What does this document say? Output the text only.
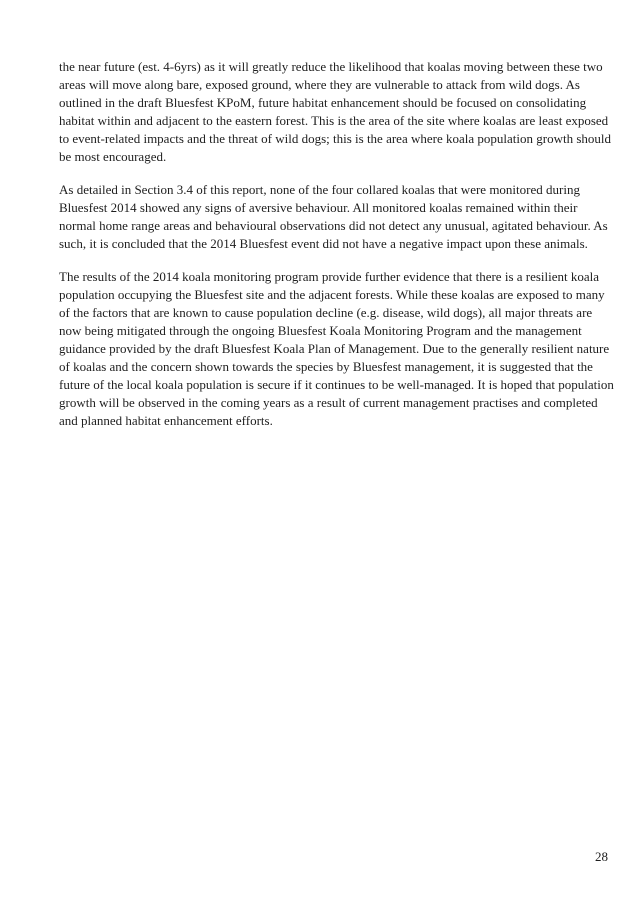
the near future (est. 4-6yrs) as it will greatly reduce the likelihood that koalas moving between these two areas will move along bare, exposed ground, where they are vulnerable to attack from wild dogs. As outlined in the draft Bluesfest KPoM, future habitat enhancement should be focused on consolidating habitat within and adjacent to the eastern forest. This is the area of the site where koalas are least exposed to event-related impacts and the threat of wild dogs; this is the area where koala population growth should be most encouraged.

As detailed in Section 3.4 of this report, none of the four collared koalas that were monitored during Bluesfest 2014 showed any signs of aversive behaviour. All monitored koalas remained within their normal home range areas and behavioural observations did not detect any unusual, agitated behaviour. As such, it is concluded that the 2014 Bluesfest event did not have a negative impact upon these animals.

The results of the 2014 koala monitoring program provide further evidence that there is a resilient koala population occupying the Bluesfest site and the adjacent forests. While these koalas are exposed to many of the factors that are known to cause population decline (e.g. disease, wild dogs), all major threats are now being mitigated through the ongoing Bluesfest Koala Monitoring Program and the management guidance provided by the draft Bluesfest Koala Plan of Management. Due to the generally resilient nature of koalas and the concern shown towards the species by Bluesfest management, it is suggested that the future of the local koala population is secure if it continues to be well-managed. It is hoped that population growth will be observed in the coming years as a result of current management practises and completed and planned habitat enhancement efforts.

28
